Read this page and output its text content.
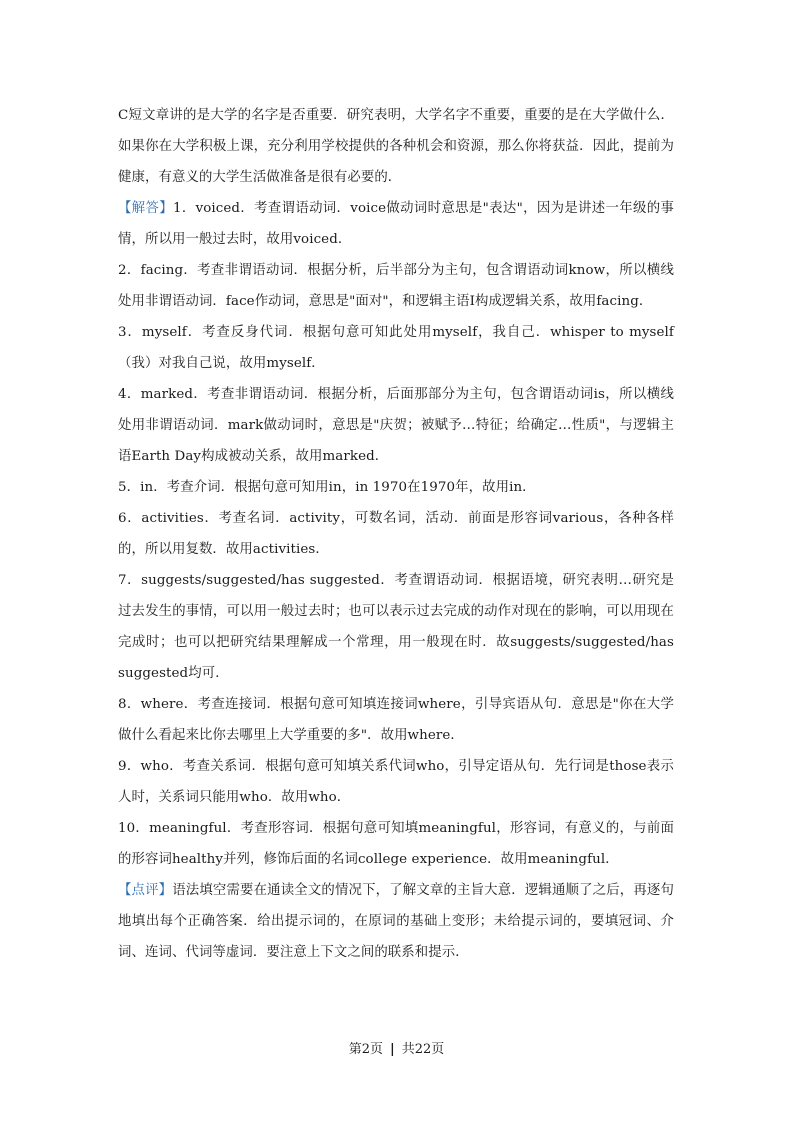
C短文章讲的是大学的名字是否重要．研究表明，大学名字不重要，重要的是在大学做什么．如果你在大学积极上课，充分利用学校提供的各种机会和资源，那么你将获益．因此，提前为健康，有意义的大学生活做准备是很有必要的．

【解答】1．voiced．考查谓语动词．voice做动词时意思是"表达"，因为是讲述一年级的事情，所以用一般过去时，故用voiced．

2．facing．考查非谓语动词．根据分析，后半部分为主句，包含谓语动词know，所以横线处用非谓语动词．face作动词，意思是"面对"，和逻辑主语I构成逻辑关系，故用facing．

3．myself．考查反身代词．根据句意可知此处用myself，我自己．whisper to myself （我）对我自己说，故用myself．

4．marked．考查非谓语动词．根据分析，后面那部分为主句，包含谓语动词is，所以横线处用非谓语动词．mark做动词时，意思是"庆贺；被赋予…特征；给确定…性质"，与逻辑主语Earth Day构成被动关系，故用marked．

5．in．考查介词．根据句意可知用in，in 1970在1970年，故用in．

6．activities．考查名词．activity，可数名词，活动．前面是形容词various，各种各样的，所以用复数．故用activities．

7．suggests/suggested/has suggested．考查谓语动词．根据语境，研究表明…研究是过去发生的事情，可以用一般过去时；也可以表示过去完成的动作对现在的影响，可以用现在完成时；也可以把研究结果理解成一个常理，用一般现在时．故suggests/suggested/has suggested均可．

8．where．考查连接词．根据句意可知填连接词where，引导宾语从句．意思是"你在大学做什么看起来比你去哪里上大学重要的多"．故用where．

9．who．考查关系词．根据句意可知填关系代词who，引导定语从句．先行词是those表示人时，关系词只能用who．故用who．

10．meaningful．考查形容词．根据句意可知填meaningful，形容词，有意义的，与前面的形容词healthy并列，修饰后面的名词college experience．故用meaningful．

【点评】语法填空需要在通读全文的情况下，了解文章的主旨大意．逻辑通顺了之后，再逐句地填出每个正确答案．给出提示词的，在原词的基础上变形；未给提示词的，要填冠词、介词、连词、代词等虚词．要注意上下文之间的联系和提示．

第2页 | 共22页
